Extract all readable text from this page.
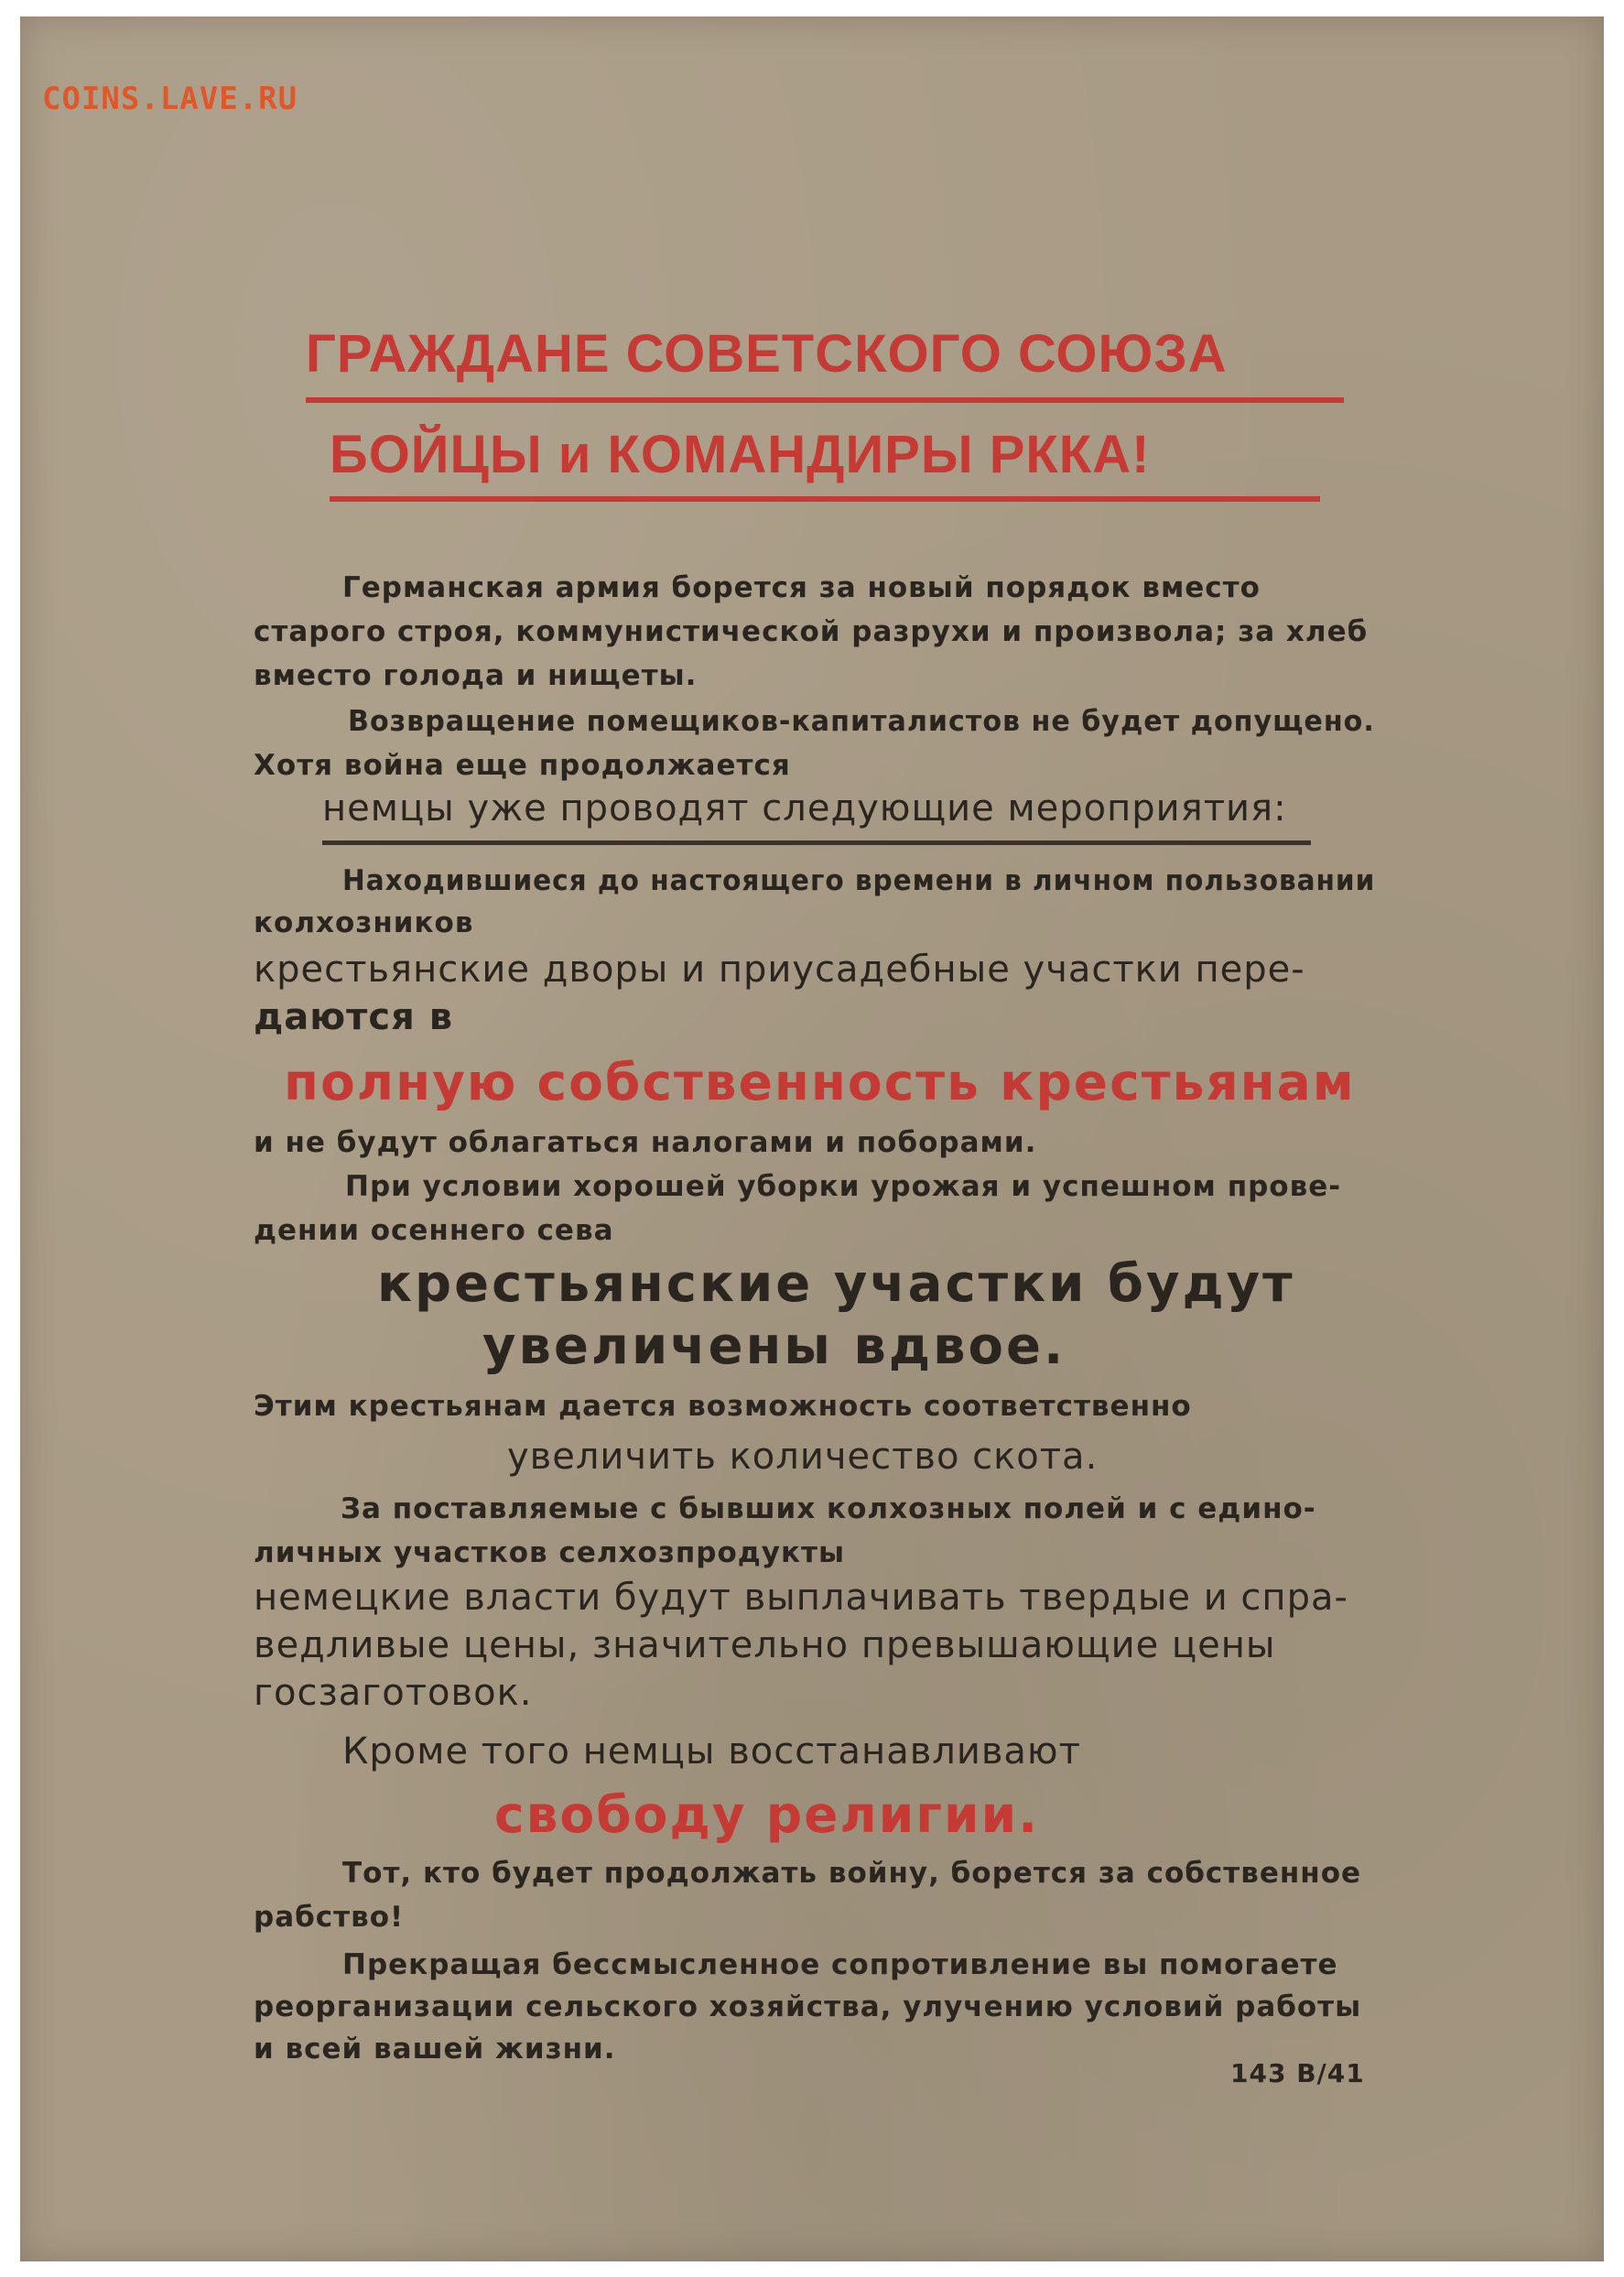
COINS.LAVE.RU
ГРАЖДАНЕ СОВЕТСКОГО СОЮЗА
БОЙЦЫ и КОМАНДИРЫ РККА!
Германская армия борется за новый порядок вместо
старого строя, коммунистической разрухи и произвола; за хлеб
вместо голода и нищеты.
Возвращение помещиков-капиталистов не будет допущено.
Хотя война еще продолжается
немцы уже проводят следующие мероприятия:
Находившиеся до настоящего времени в личном пользовании
колхозников
крестьянские дворы и приусадебные участки пере-
даются в
полную собственность крестьянам
и не будут облагаться налогами и поборами.
При условии хорошей уборки урожая и успешном прове-
дении осеннего сева
крестьянские участки будут
увеличены вдвое.
Этим крестьянам дается возможность соответственно
увеличить количество скота.
За поставляемые с бывших колхозных полей и с едино-
личных участков селхозпродукты
немецкие власти будут выплачивать твердые и спра-
ведливые цены, значительно превышающие цены
госзаготовок.
Кроме того немцы восстанавливают
свободу религии.
Тот, кто будет продолжать войну, борется за собственное
рабство!
Прекращая бессмысленное сопротивление вы помогаете
реорганизации сельского хозяйства, улучению условий работы
и всей вашей жизни.
143 В/41
